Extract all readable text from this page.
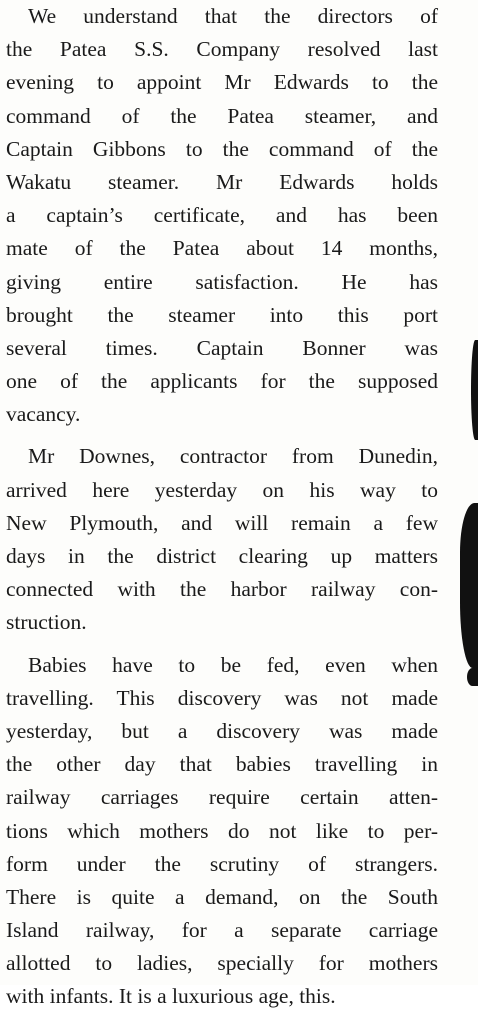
We understand that the directors of
the Patea S.S. Company resolved last
evening to appoint Mr Edwards to the
command of the Patea steamer, and
Captain Gibbons to the command of the
Wakatu steamer. Mr Edwards holds
a captain’s certificate, and has been
mate of the Patea about 14 months,
giving entire satisfaction. He has
brought the steamer into this port
several times. Captain Bonner was
one of the applicants for the supposed
vacancy.
Mr Downes, contractor from Dunedin,
arrived here yesterday on his way to
New Plymouth, and will remain a few
days in the district clearing up matters
connected with the harbor railway con-
struction.
Babies have to be fed, even when
travelling. This discovery was not made
yesterday, but a discovery was made
the other day that babies travelling in
railway carriages require certain atten-
tions which mothers do not like to per-
form under the scrutiny of strangers.
There is quite a demand, on the South
Island railway, for a separate carriage
allotted to ladies, specially for mothers
with infants. It is a luxurious age, this.
